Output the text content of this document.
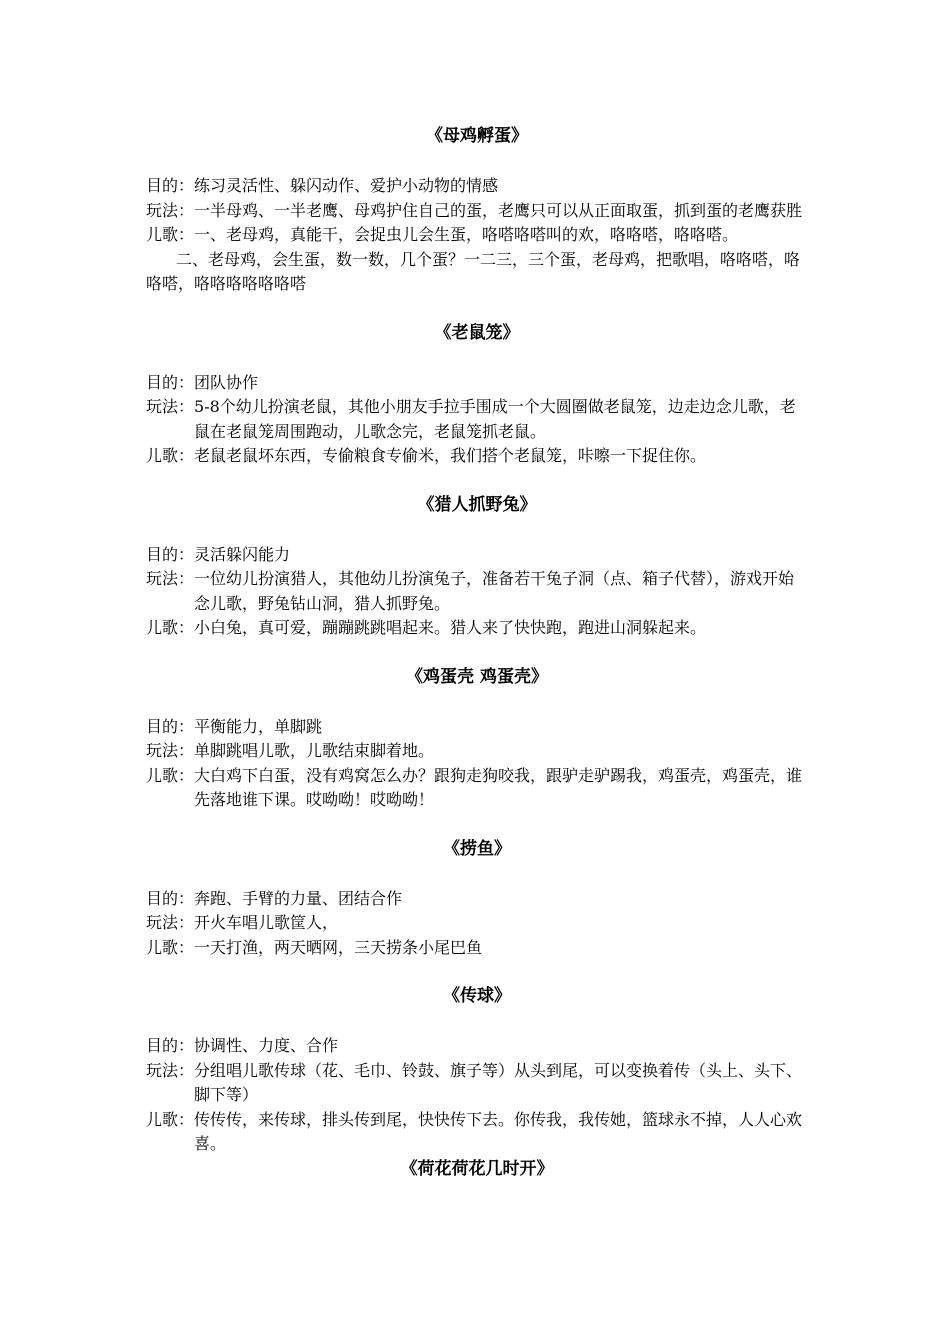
《母鸡孵蛋》

目的： 练习灵活性、躲闪动作、爱护小动物的情感

玩法： 一半母鸡、一半老鹰、母鸡护住自己的蛋，老鹰只可以从正面取蛋，抓到蛋的老鹰获胜

儿歌： 一、老母鸡，真能干，会捉虫儿会生蛋，咯嗒咯嗒叫的欢，咯咯嗒，咯咯嗒。

二、老母鸡，会生蛋，数一数，几个蛋？一二三，三个蛋，老母鸡，把歌唱，咯咯嗒，咯咯嗒，咯咯咯咯咯咯嗒

《老鼠笼》

目的： 团队协作

玩法： 5-8个幼儿扮演老鼠，其他小朋友手拉手围成一个大圆圈做老鼠笼，边走边念儿歌，老鼠在老鼠笼周围跑动，儿歌念完，老鼠笼抓老鼠。

儿歌： 老鼠老鼠坏东西，专偷粮食专偷米，我们搭个老鼠笼，咔嚓一下捉住你。

《猎人抓野兔》

目的： 灵活躲闪能力

玩法： 一位幼儿扮演猎人，其他幼儿扮演兔子，准备若干兔子洞（点、箱子代替），游戏开始念儿歌，野兔钻山洞，猎人抓野兔。

儿歌： 小白兔，真可爱，蹦蹦跳跳唱起来。猎人来了快快跑，跑进山洞躲起来。

《鸡蛋壳 鸡蛋壳》

目的： 平衡能力，单脚跳

玩法： 单脚跳唱儿歌，儿歌结束脚着地。

儿歌： 大白鸡下白蛋，没有鸡窝怎么办？跟狗走狗咬我，跟驴走驴踢我，鸡蛋壳，鸡蛋壳，谁先落地谁下课。哎呦呦！哎呦呦！

《捞鱼》

目的： 奔跑、手臂的力量、团结合作

玩法： 开火车唱儿歌筐人，

儿歌： 一天打渔，两天晒网，三天捞条小尾巴鱼

《传球》

目的： 协调性、力度、合作

玩法： 分组唱儿歌传球（花、毛巾、铃鼓、旗子等）从头到尾，可以变换着传（头上、头下、脚下等）

儿歌： 传传传，来传球，排头传到尾，快快传下去。你传我，我传她，篮球永不掉，人人心欢喜。

《荷花荷花几时开》
